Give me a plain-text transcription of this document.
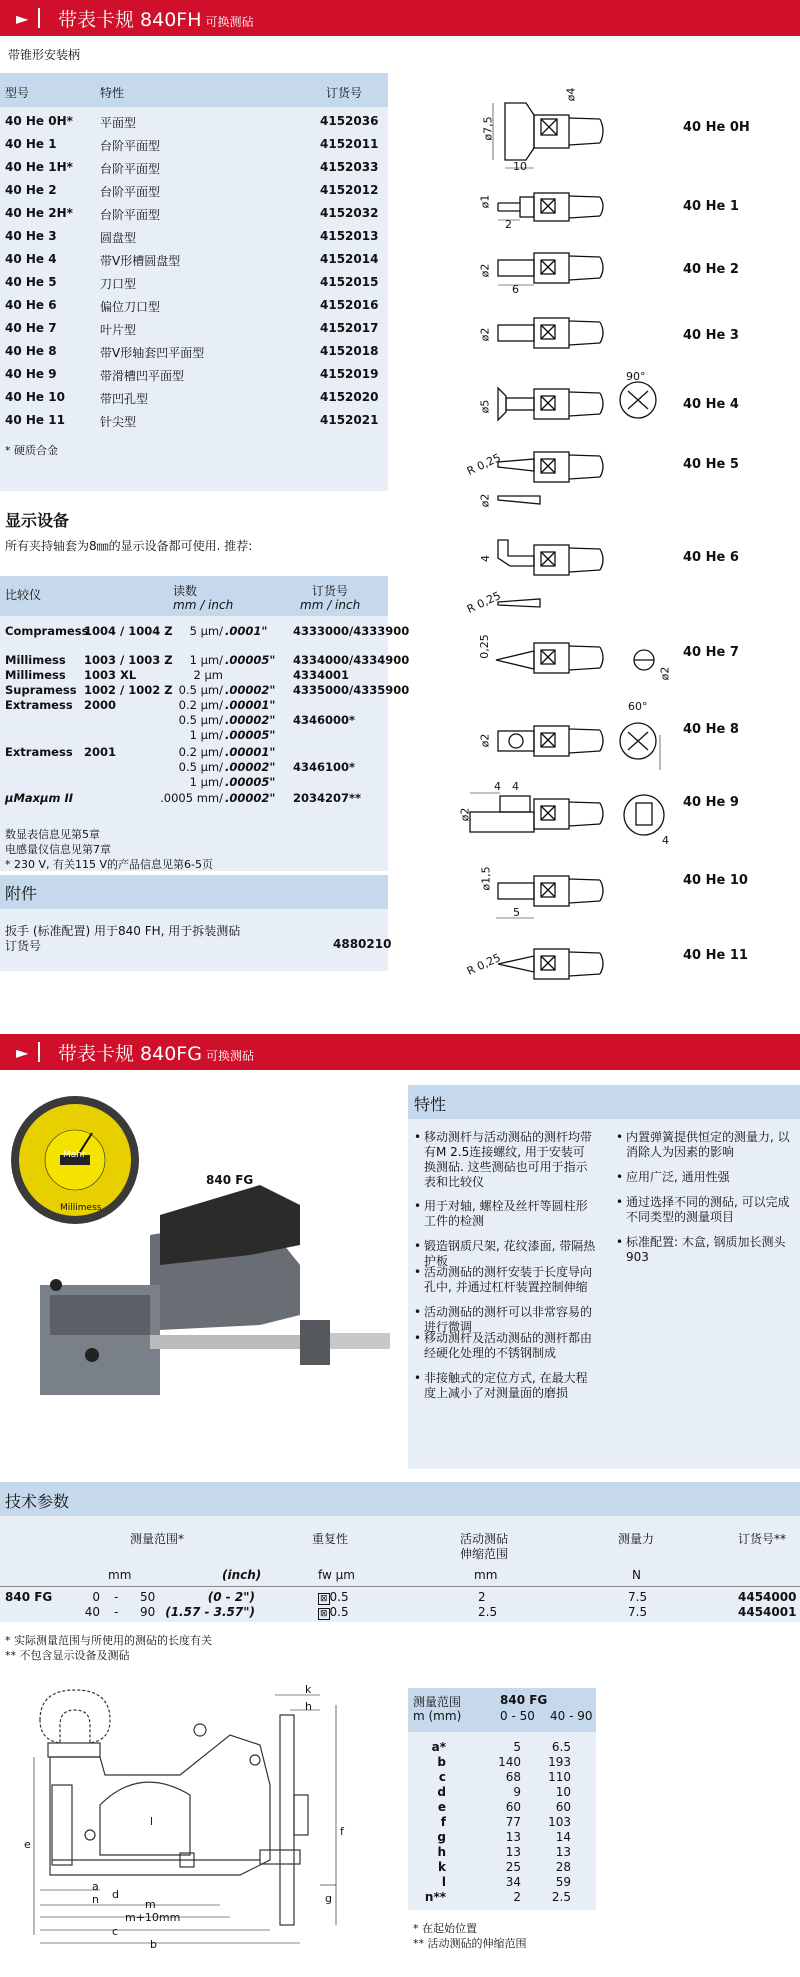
► 带表卡规 840FH 可换测砧
带锥形安装柄
型号	特性	订货号
40 He 0H* 平面型	4152036
40 He 1	台阶平面型	4152011
40 He 1H* 台阶平面型	4152033
40 He 2	台阶平面型	4152012
40 He 2H* 台阶平面型	4152032
40 He 3	圆盘型	4152013
40 He 4	带V形槽圆盘型	4152014
40 He 5	刀口型	4152015
40 He 6	偏位刀口型	4152016
40 He 7	叶片型	4152017
40 He 8	带V形轴套凹平面型	4152018
40 He 9	带滑槽凹平面型	4152019
40 He 10	带凹孔型	4152020
40 He 11	针尖型	4152021
* 硬质合金
显示设备
所有夹持轴套为8㎜的显示设备都可使用. 推荐:
比较仪	读数
mm / inch
订货号
mm / inch
Compramess
1004 / 1004 Z 5 µm/ .0001" 4333000/4333900
Millimess 1003 / 1003 Z 1 µm/ .00005" 4334000/4334900
Millimess 1003 XL	2 µm	4334001
Supramess 1002 / 1002 Z 0.5 µm/ .00002" 4335000/4335900
Extramess 2000	0.2 µm/ .00001"
0.5 µm/ .00002" 4346000*
1 µm/ .00005"
Extramess 2001	0.2 µm/ .00001"
0.5 µm/ .00002" 4346100*
1 µm/ .00005"
µMaxµm II	.0005 mm/ .00002" 2034207**
数显表信息见第5章
电感量仪信息见第7章
* 230 V, 有关115 V的产品信息见第6-5页
附件
扳手 (标准配置) 用于840 FH, 用于拆装测砧
订货号	4880210
40 He 0H
40 He 1
40 He 2
40 He 3
40 He 4
40 He 5
40 He 6
40 He 7
40 He 8
40 He 9
40 He 10
40 He 11
ø4
ø7,5
10
ø1
2
ø2
6
ø2
ø5
90°
R 0,25
ø2
4
R 0,25
0,25
ø2
60°
ø2
4 4
ø2
4
ø1,5
5
R 0,25
► 带表卡规 840FG 可换测砧
Mahr
Millimess
840 FG
特性
• 移动测杆与活动测砧的测杆均带有M 2.5连接螺纹, 用于安装可换测砧. 这些测砧也可用于指示表和比较仪
• 用于对轴, 螺栓及丝杆等圆柱形工件的检测
• 锻造钢质尺架, 花纹漆面, 带隔热护板
• 活动测砧的测杆安装于长度导向孔中, 并通过杠杆装置控制伸缩
• 活动测砧的测杆可以非常容易的进行微调
• 移动测杆及活动测砧的测杆都由经硬化处理的不锈钢制成
• 非接触式的定位方式, 在最大程度上减小了对测量面的磨损
• 内置弹簧提供恒定的测量力, 以消除人为因素的影响
• 应用广泛, 通用性强
• 通过选择不同的测砧, 可以完成不同类型的测量项目
• 标准配置: 木盒, 钢质加长测头903
技术参数
测量范围*	重复性	活动测砧	测量力	订货号**
伸缩范围
mm	(inch)	fw µm	mm	N
840 FG	0 - 50	(0 - 2")	⊠ 0.5	2	7.5	4454000
40 - 90 (1.57 - 3.57")	⊠ 0.5	2.5	7.5	4454001
* 实际测量范围与所使用的测砧的长度有关
** 不包含显示设备及测砧
k
h
e
f
g
l
a
n d
m
m+10mm
c
b
测量范围
m (mm)
840 FG
0 - 50 40 - 90
a*	5	6.5
b	140 193
c	68 110
d	9	10
e	60	60
f	77 103
g	13	14
h	13	13
k	25	28
l	34	59
n**	2	2.5
* 在起始位置
** 活动测砧的伸缩范围
